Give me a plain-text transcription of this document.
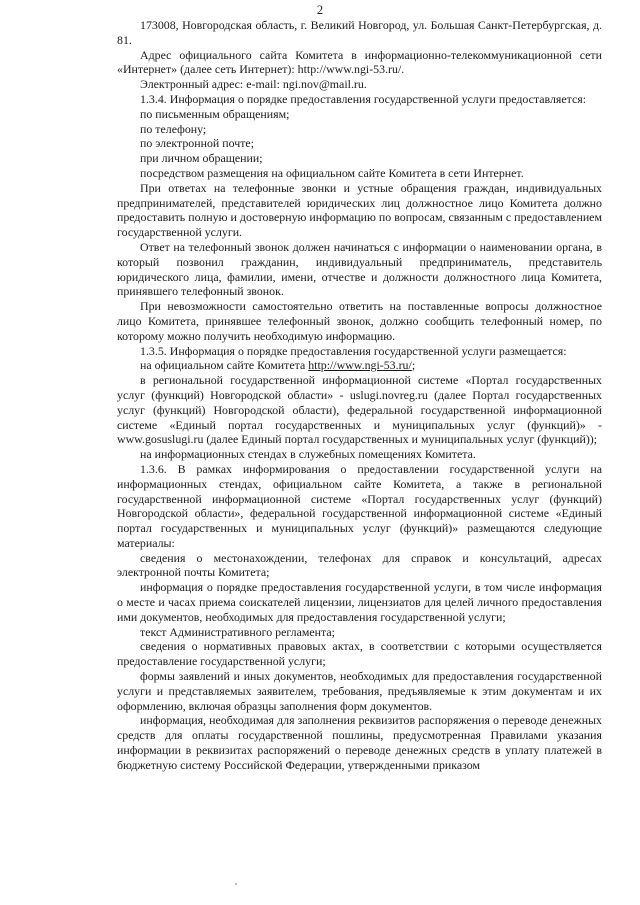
2

173008, Новгородская область, г. Великий Новгород, ул. Большая Санкт-Петербургская, д. 81.

Адрес официального сайта Комитета в информационно-телекоммуникационной сети «Интернет» (далее сеть Интернет): http://www.ngi-53.ru/.

Электронный адрес: e-mail: ngi.nov@mail.ru.

1.3.4. Информация о порядке предоставления государственной услуги предоставляется:

по письменным обращениям;

по телефону;

по электронной почте;

при личном обращении;

посредством размещения на официальном сайте Комитета в сети Интернет.

При ответах на телефонные звонки и устные обращения граждан, индивидуальных предпринимателей, представителей юридических лиц должностное лицо Комитета должно предоставить полную и достоверную информацию по вопросам, связанным с предоставлением государственной услуги.

Ответ на телефонный звонок должен начинаться с информации о наименовании органа, в который позвонил гражданин, индивидуальный предприниматель, представитель юридического лица, фамилии, имени, отчестве и должности должностного лица Комитета, принявшего телефонный звонок.

При невозможности самостоятельно ответить на поставленные вопросы должностное лицо Комитета, принявшее телефонный звонок, должно сообщить телефонный номер, по которому можно получить необходимую информацию.

1.3.5. Информация о порядке предоставления государственной услуги размещается:

на официальном сайте Комитета http://www.ngi-53.ru/;

в региональной государственной информационной системе «Портал государственных услуг (функций) Новгородской области» - uslugi.novreg.ru (далее Портал государственных услуг (функций) Новгородской области), федеральной государственной информационной системе «Единый портал государственных и муниципальных услуг (функций)» - www.gosuslugi.ru (далее Единый портал государственных и муниципальных услуг (функций));

на информационных стендах в служебных помещениях Комитета.

1.3.6. В рамках информирования о предоставлении государственной услуги на информационных стендах, официальном сайте Комитета, а также в региональной государственной информационной системе «Портал государственных услуг (функций) Новгородской области», федеральной государственной информационной системе «Единый портал государственных и муниципальных услуг (функций)» размещаются следующие материалы:

сведения о местонахождении, телефонах для справок и консультаций, адресах электронной почты Комитета;

информация о порядке предоставления государственной услуги, в том числе информация о месте и часах приема соискателей лицензии, лицензиатов для целей личного предоставления ими документов, необходимых для предоставления государственной услуги;

текст Административного регламента;

сведения о нормативных правовых актах, в соответствии с которыми осуществляется предоставление государственной услуги;

формы заявлений и иных документов, необходимых для предоставления государственной услуги и представляемых заявителем, требования, предъявляемые к этим документам и их оформлению, включая образцы заполнения форм документов.

информация, необходимая для заполнения реквизитов распоряжения о переводе денежных средств для оплаты государственной пошлины, предусмотренная Правилами указания информации в реквизитах распоряжений о переводе денежных средств в уплату платежей в бюджетную систему Российской Федерации, утвержденными приказом
